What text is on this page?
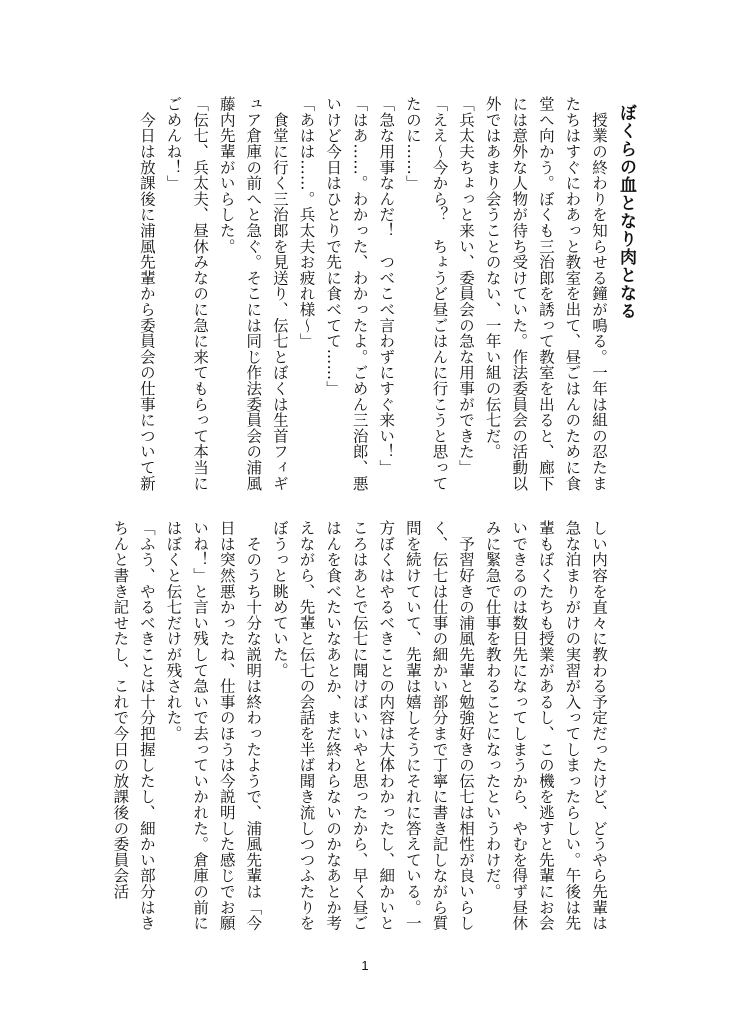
ぼくらの血となり肉となる

　授業の終わりを知らせる鐘が鳴る。一年は組の忍たまたちはすぐにわあっと教室を出て、昼ごはんのために食堂へ向かう。ぼくも三治郎を誘って教室を出ると、廊下には意外な人物が待ち受けていた。作法委員会の活動以外ではあまり会うことのない、一年い組の伝七だ。

「兵太夫ちょっと来い、委員会の急な用事ができた」

「ええ〜今から？　ちょうど昼ごはんに行こうと思ってたのに……」

「急な用事なんだ！　つべこべ言わずにすぐ来い！」

「はあ……。わかった、わかったよ。ごめん三治郎、悪いけど今日はひとりで先に食べてて……」

「あはは……。兵太夫お疲れ様〜」

　食堂に行く三治郎を見送り、伝七とぼくは生首フィギュア倉庫の前へと急ぐ。そこには同じ作法委員会の浦風藤内先輩がいらした。

「伝七、兵太夫、昼休みなのに急に来てもらって本当にごめんね！」

　今日は放課後に浦風先輩から委員会の仕事について新

しい内容を直々に教わる予定だったけど、どうやら先輩は急な泊まりがけの実習が入ってしまったらしい。午後は先輩もぼくたちも授業があるし、この機を逃すと先輩にお会いできるのは数日先になってしまうから、やむを得ず昼休みに緊急で仕事を教わることになったというわけだ。

　予習好きの浦風先輩と勉強好きの伝七は相性が良いらしく、伝七は仕事の細かい部分まで丁寧に書き記しながら質問を続けていて、先輩は嬉しそうにそれに答えている。一方ぼくはやるべきことの内容は大体わかったし、細かいところはあとで伝七に聞けばいいやと思ったから、早く昼ごはんを食べたいなあとか、まだ終わらないのかなあとか考えながら、先輩と伝七の会話を半ば聞き流しつつふたりをぼうっと眺めていた。

　そのうち十分な説明は終わったようで、浦風先輩は「今日は突然悪かったね、仕事のほうは今説明した感じでお願いね！」と言い残して急いで去っていかれた。倉庫の前にはぼくと伝七だけが残された。

「ふう、やるべきことは十分把握したし、細かい部分はきちんと書き記せたし、これで今日の放課後の委員会活

1
